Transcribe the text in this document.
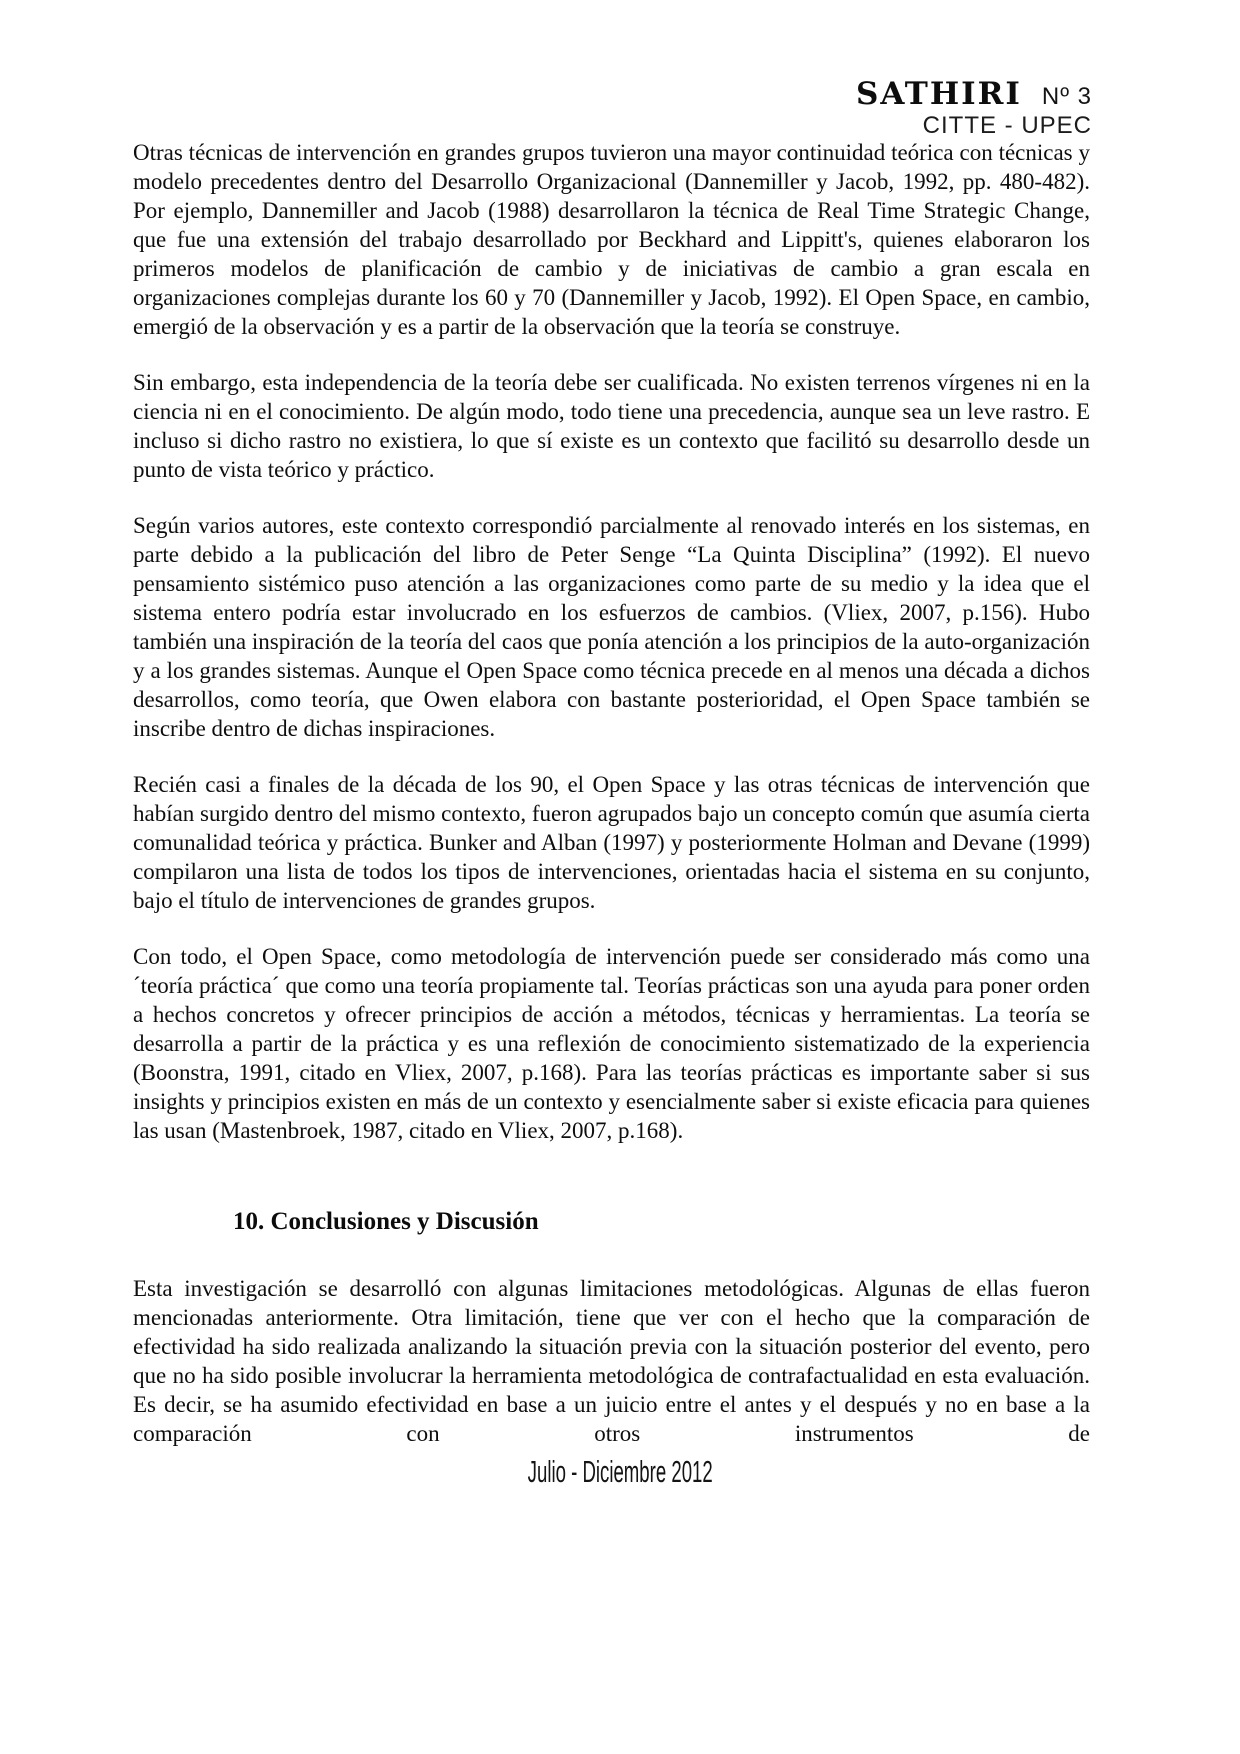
SATHIRI Nº 3
CITTE - UPEC

Otras técnicas de intervención en grandes grupos tuvieron una mayor continuidad teórica con técnicas y modelo precedentes dentro del Desarrollo Organizacional (Dannemiller y Jacob, 1992, pp. 480-482). Por ejemplo, Dannemiller and Jacob (1988) desarrollaron la técnica de Real Time Strategic Change, que fue una extensión del trabajo desarrollado por Beckhard and Lippitt's, quienes elaboraron los primeros modelos de planificación de cambio y de iniciativas de cambio a gran escala en organizaciones complejas durante los 60 y 70 (Dannemiller y Jacob, 1992). El Open Space, en cambio, emergió de la observación y es a partir de la observación que la teoría se construye.

Sin embargo, esta independencia de la teoría debe ser cualificada. No existen terrenos vírgenes ni en la ciencia ni en el conocimiento. De algún modo, todo tiene una precedencia, aunque sea un leve rastro. E incluso si dicho rastro no existiera, lo que sí existe es un contexto que facilitó su desarrollo desde un punto de vista teórico y práctico.

Según varios autores, este contexto correspondió parcialmente al renovado interés en los sistemas, en parte debido a la publicación del libro de Peter Senge “La Quinta Disciplina” (1992). El nuevo pensamiento sistémico puso atención a las organizaciones como parte de su medio y la idea que el sistema entero podría estar involucrado en los esfuerzos de cambios. (Vliex, 2007, p.156). Hubo también una inspiración de la teoría del caos que ponía atención a los principios de la auto-organización y a los grandes sistemas. Aunque el Open Space como técnica precede en al menos una década a dichos desarrollos, como teoría, que Owen elabora con bastante posterioridad, el Open Space también se inscribe dentro de dichas inspiraciones.

Recién casi a finales de la década de los 90, el Open Space y las otras técnicas de intervención que habían surgido dentro del mismo contexto, fueron agrupados bajo un concepto común que asumía cierta comunalidad teórica y práctica. Bunker and Alban (1997) y posteriormente Holman and Devane (1999) compilaron una lista de todos los tipos de intervenciones, orientadas hacia el sistema en su conjunto, bajo el título de intervenciones de grandes grupos.

Con todo, el Open Space, como metodología de intervención puede ser considerado más como una ´teoría práctica´ que como una teoría propiamente tal. Teorías prácticas son una ayuda para poner orden a hechos concretos y ofrecer principios de acción a métodos, técnicas y herramientas. La teoría se desarrolla a partir de la práctica y es una reflexión de conocimiento sistematizado de la experiencia (Boonstra, 1991, citado en Vliex, 2007, p.168). Para las teorías prácticas es importante saber si sus insights y principios existen en más de un contexto y esencialmente saber si existe eficacia para quienes las usan (Mastenbroek, 1987, citado en Vliex, 2007, p.168).

10. Conclusiones y Discusión

Esta investigación se desarrolló con algunas limitaciones metodológicas. Algunas de ellas fueron mencionadas anteriormente. Otra limitación, tiene que ver con el hecho que la comparación de efectividad ha sido realizada analizando la situación previa con la situación posterior del evento, pero que no ha sido posible involucrar la herramienta metodológica de contrafactualidad en esta evaluación. Es decir, se ha asumido efectividad en base a un juicio entre el antes y el después y no en base a la comparación con otros instrumentos de

Julio - Diciembre 2012
